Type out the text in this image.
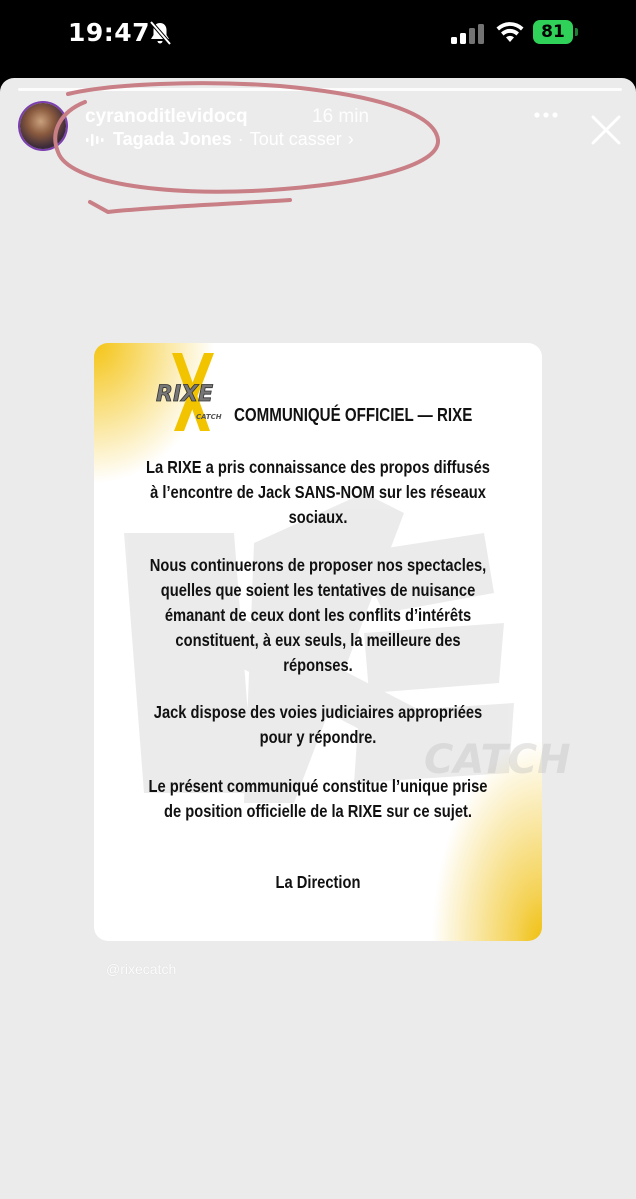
19:47	81
cyranoditlevidocq	16 min
Tagada Jones · Tout casser ›
CATCH
RIXE
CATCH COMMUNIQUÉ OFFICIEL — RIXE
La RIXE a pris connaissance des propos diffusés à l’encontre de Jack SANS-NOM sur les réseaux sociaux.
Nous continuerons de proposer nos spectacles, quelles que soient les tentatives de nuisance émanant de ceux dont les conflits d’intérêts constituent, à eux seuls, la meilleure des réponses.
Jack dispose des voies judiciaires appropriées pour y répondre.
Le présent communiqué constitue l’unique prise de position officielle de la RIXE sur ce sujet.
La Direction
@rixecatch
